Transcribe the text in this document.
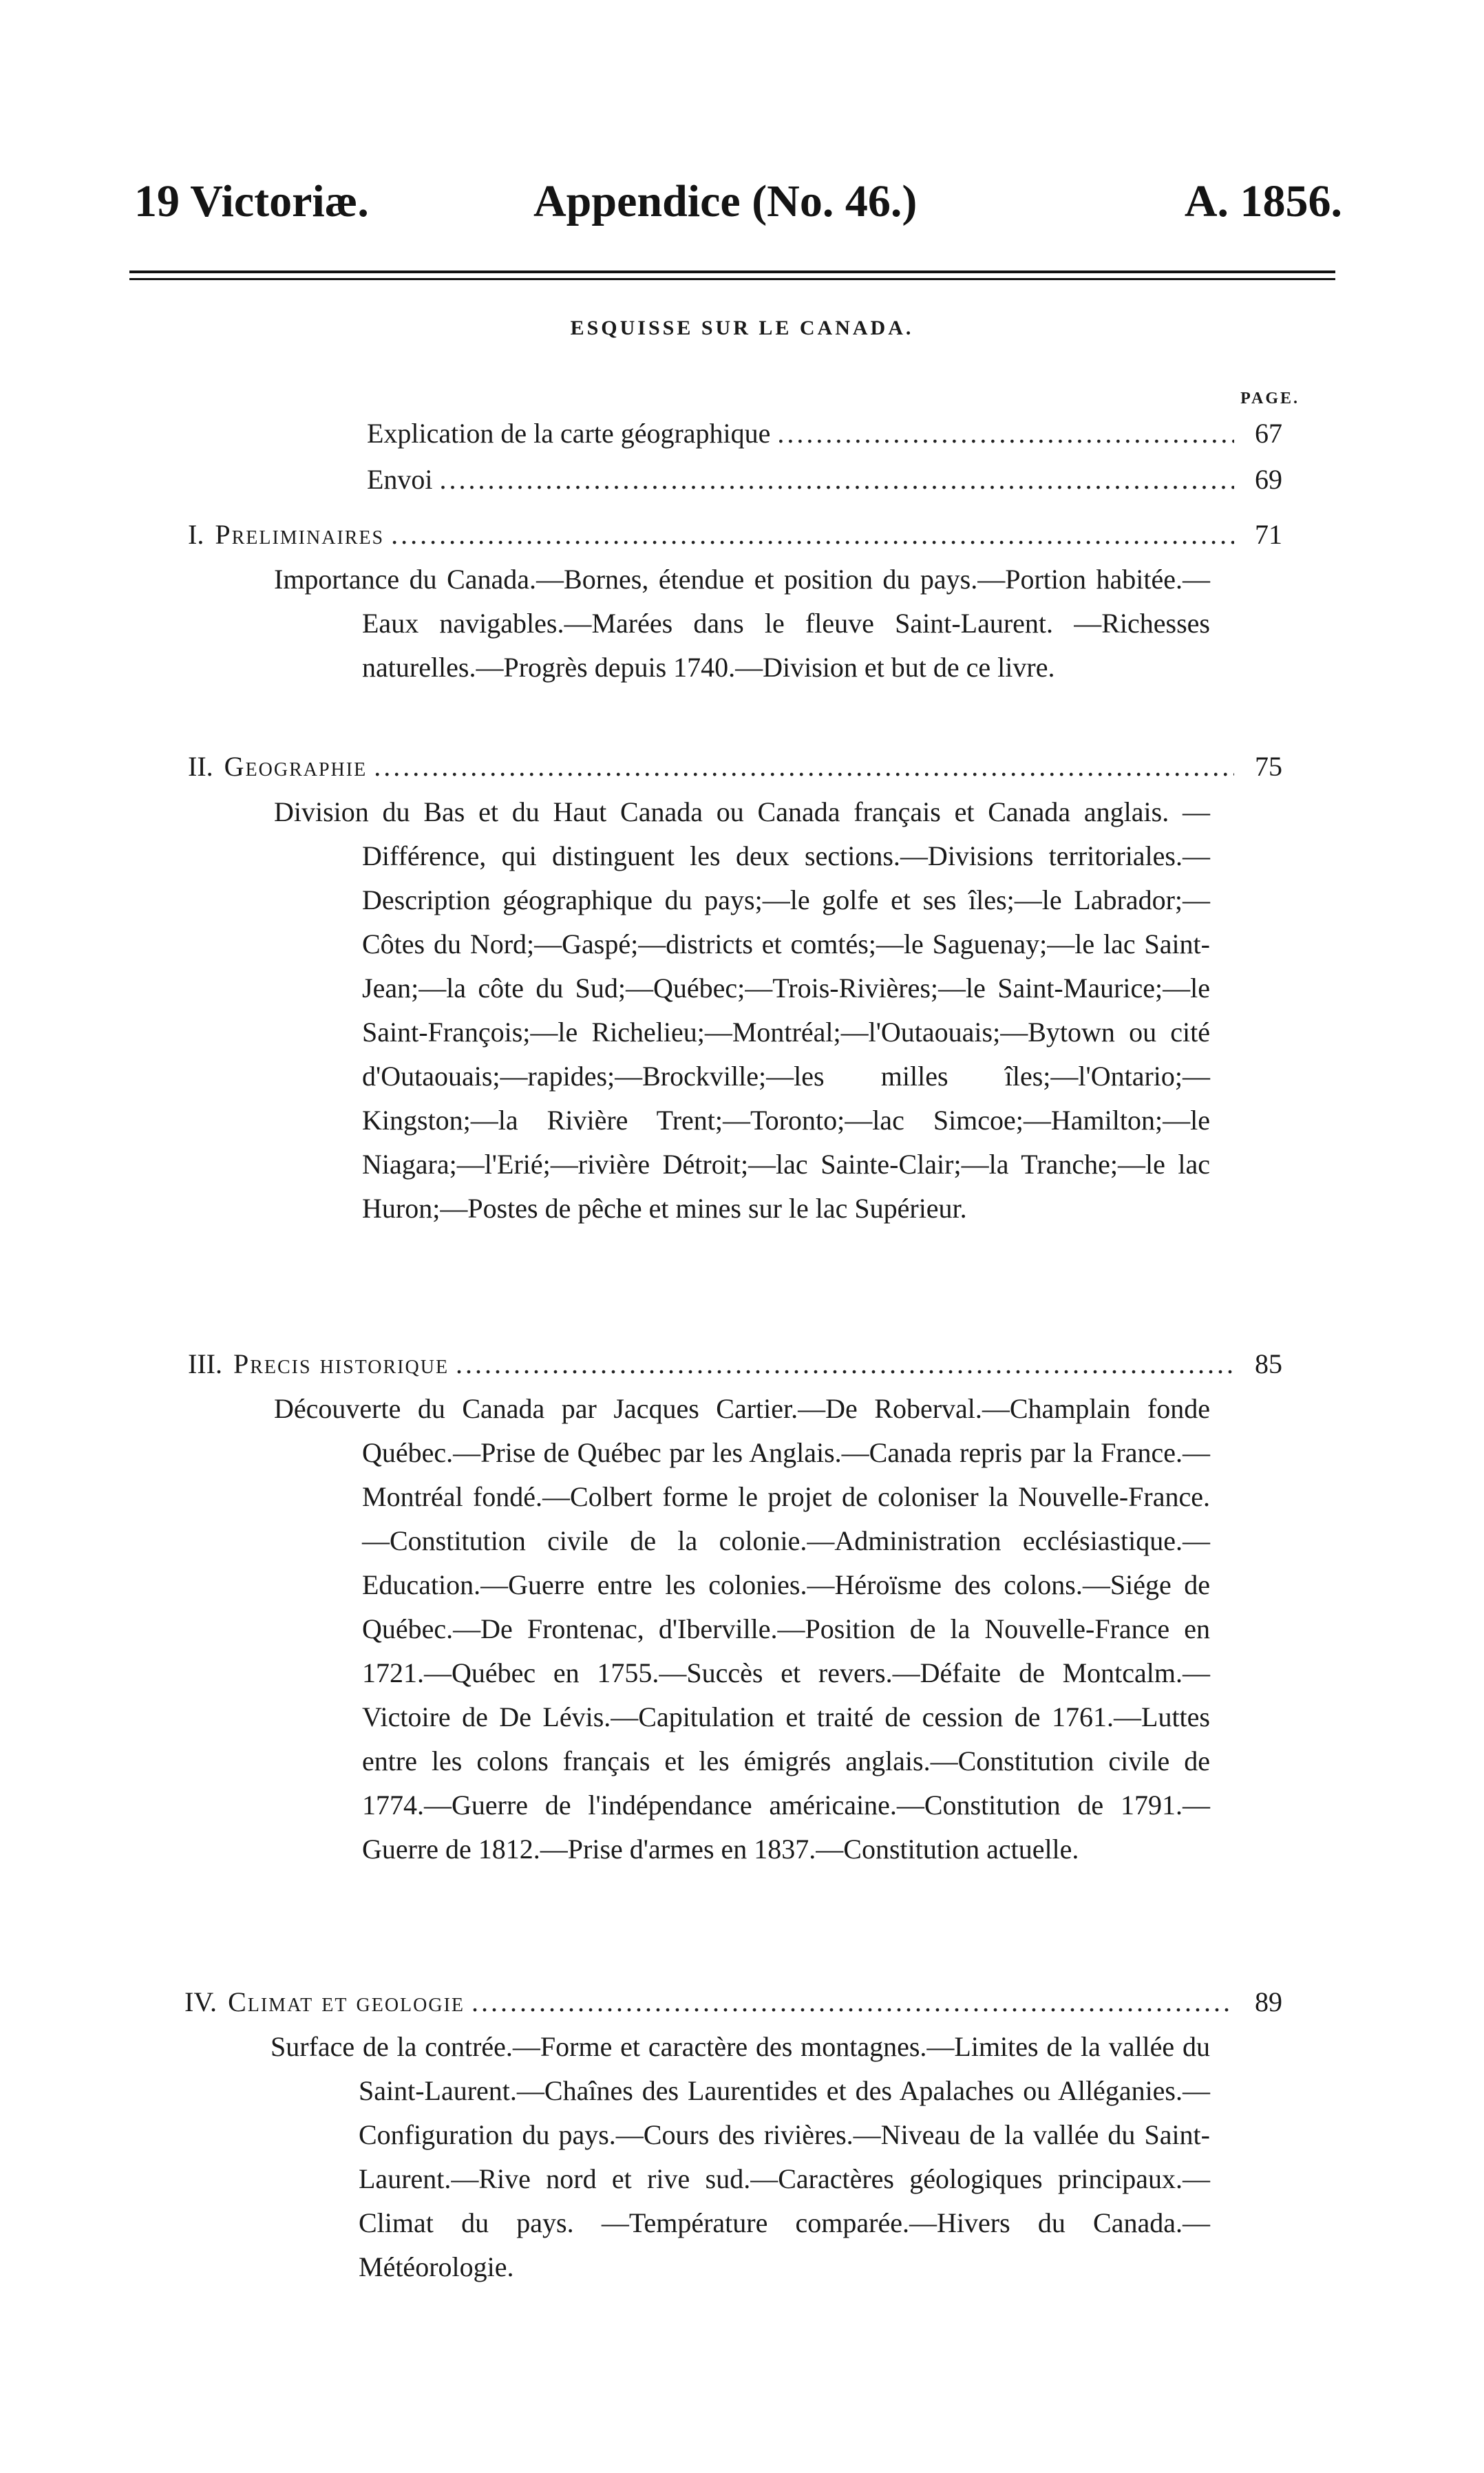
19 Victoriæ.	Appendice (No. 46.)	A. 1856.
ESQUISSE SUR LE CANADA.
PAGE.
Explication de la carte géographique .....	67
Envoi .....	69
I. Preliminaires .....	71
Importance du Canada.—Bornes, étendue et position du pays.—Portion habitée.—Eaux navigables.—Marées dans le fleuve Saint-Laurent. —Richesses naturelles.—Progrès depuis 1740.—Division et but de ce livre.
II. Geographie .....	75
Division du Bas et du Haut Canada ou Canada français et Canada anglais. —Différence, qui distinguent les deux sections.—Divisions territoriales.—Description géographique du pays;—le golfe et ses îles;—le Labrador;—Côtes du Nord;—Gaspé;—districts et comtés;—le Saguenay;—le lac Saint-Jean;—la côte du Sud;—Québec;—Trois-Rivières;—le Saint-Maurice;—le Saint-François;—le Richelieu;—Montréal;—l'Outaouais;—Bytown ou cité d'Outaouais;—rapides;—Brockville;—les milles îles;—l'Ontario;—Kingston;—la Rivière Trent;—Toronto;—lac Simcoe;—Hamilton;—le Niagara;—l'Erié;—rivière Détroit;—lac Sainte-Clair;—la Tranche;—le lac Huron;—Postes de pêche et mines sur le lac Supérieur.
III. Precis historique .....	85
Découverte du Canada par Jacques Cartier.—De Roberval.—Champlain fonde Québec.—Prise de Québec par les Anglais.—Canada repris par la France.—Montréal fondé.—Colbert forme le projet de coloniser la Nouvelle-France.—Constitution civile de la colonie.—Administration ecclésiastique.—Education.—Guerre entre les colonies.—Héroïsme des colons.—Siége de Québec.—De Frontenac, d'Iberville.—Position de la Nouvelle-France en 1721.—Québec en 1755.—Succès et revers.—Défaite de Montcalm.—Victoire de De Lévis.—Capitulation et traité de cession de 1761.—Luttes entre les colons français et les émigrés anglais.—Constitution civile de 1774.—Guerre de l'indépendance américaine.—Constitution de 1791.—Guerre de 1812.—Prise d'armes en 1837.—Constitution actuelle.
IV. Climat et geologie .....	89
Surface de la contrée.—Forme et caractère des montagnes.—Limites de la vallée du Saint-Laurent.—Chaînes des Laurentides et des Apalaches ou Alléganies.—Configuration du pays.—Cours des rivières.—Niveau de la vallée du Saint-Laurent.—Rive nord et rive sud.—Caractères géologiques principaux.—Climat du pays. —Température comparée.—Hivers du Canada.—Météorologie.
